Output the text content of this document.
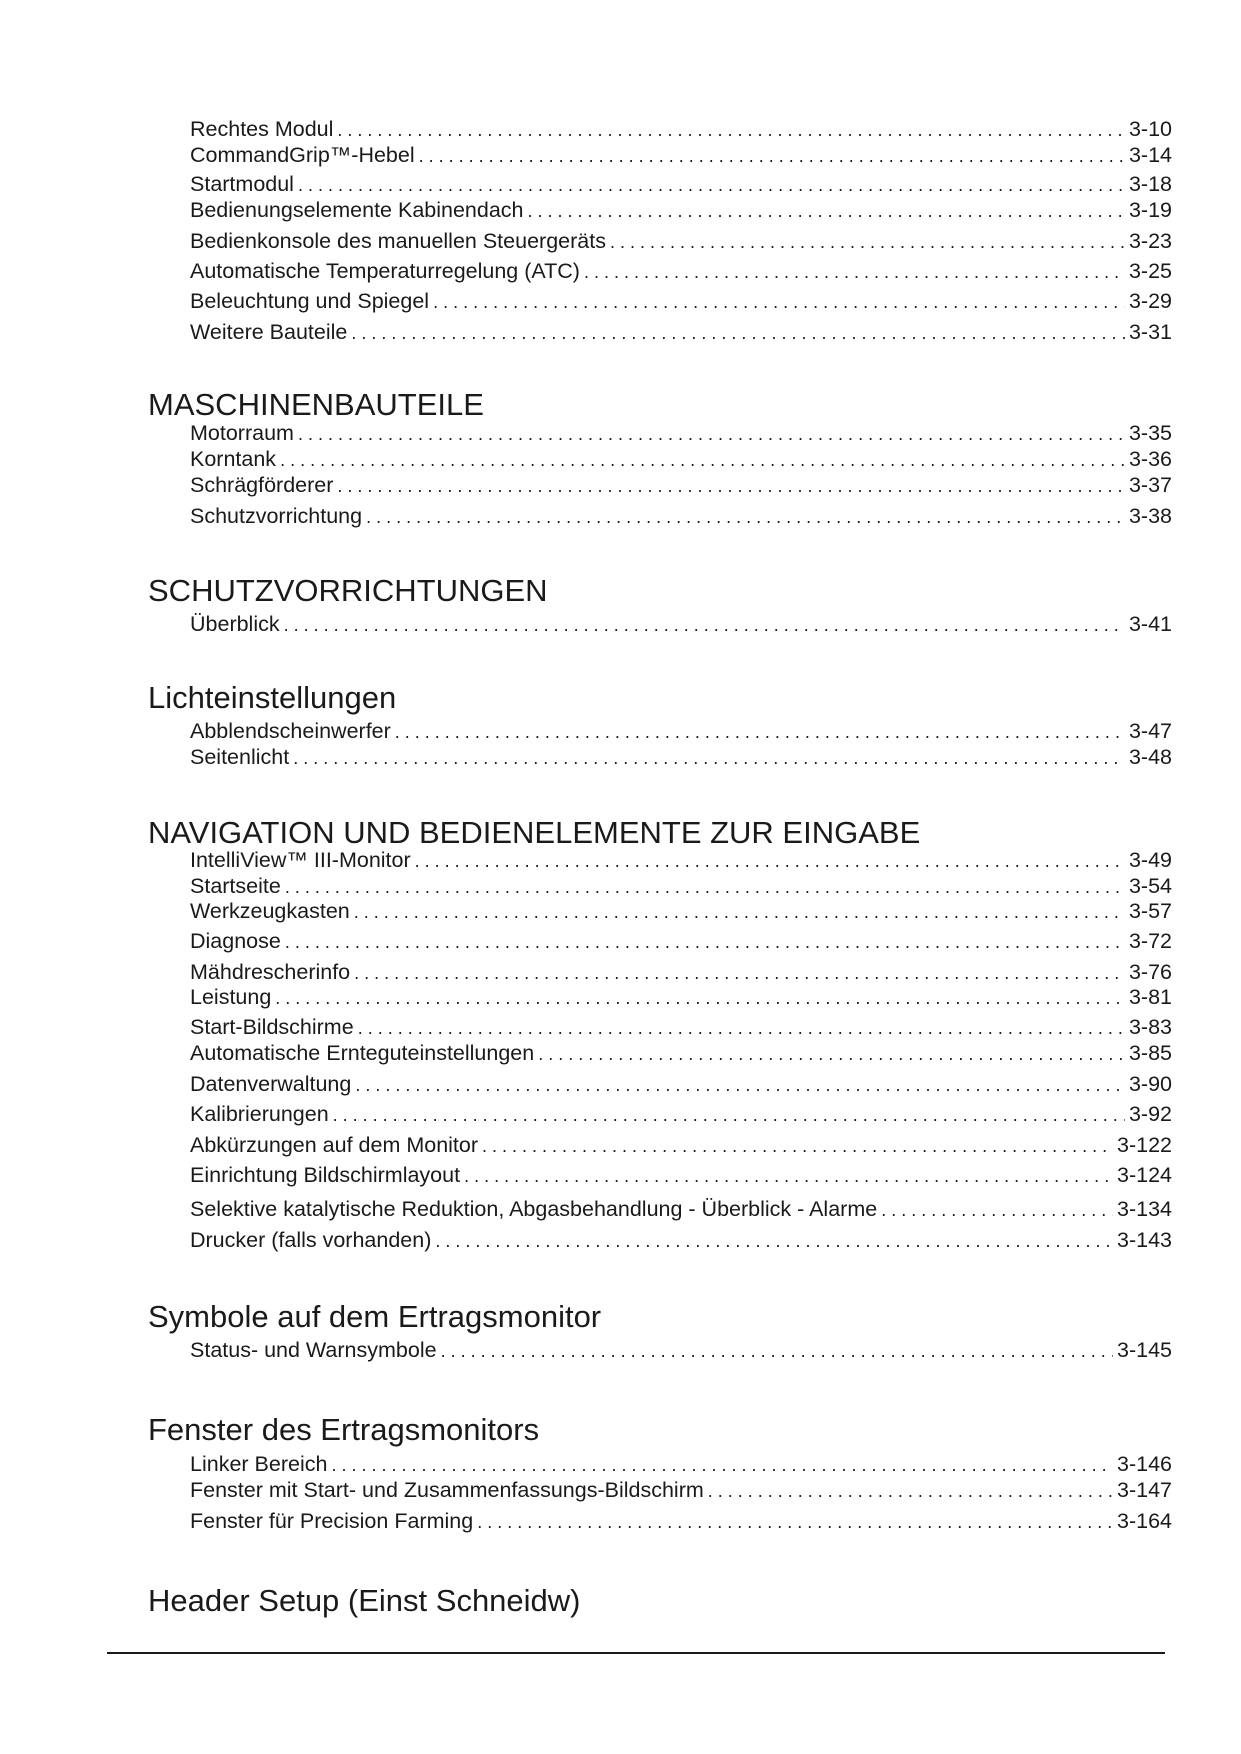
Rechtes Modul . . .	3-10
CommandGrip™-Hebel . . .	3-14
Startmodul . . .	3-18
Bedienungselemente Kabinendach . . .	3-19
Bedienkonsole des manuellen Steuergeräts . . .	3-23
Automatische Temperaturregelung (ATC) . . .	3-25
Beleuchtung und Spiegel . . .	3-29
Weitere Bauteile . . .	3-31
MASCHINENBAUTEILE
Motorraum . . .	3-35
Korntank . . .	3-36
Schrägförderer . . .	3-37
Schutzvorrichtung . . .	3-38
SCHUTZVORRICHTUNGEN
Überblick . . .	3-41
Lichteinstellungen
Abblendscheinwerfer . . .	3-47
Seitenlicht . . .	3-48
NAVIGATION UND BEDIENELEMENTE ZUR EINGABE
IntelliView™ III-Monitor . . .	3-49
Startseite . . .	3-54
Werkzeugkasten . . .	3-57
Diagnose . . .	3-72
Mähdrescherinfo . . .	3-76
Leistung . . .	3-81
Start-Bildschirme . . .	3-83
Automatische Ernteguteinstellungen . . .	3-85
Datenverwaltung . . .	3-90
Kalibrierungen . . .	3-92
Abkürzungen auf dem Monitor . . .	3-122
Einrichtung Bildschirmlayout . . .	3-124
Selektive katalytische Reduktion, Abgasbehandlung - Überblick - Alarme . . .	3-134
Drucker (falls vorhanden) . . .	3-143
Symbole auf dem Ertragsmonitor
Status- und Warnsymbole . . .	3-145
Fenster des Ertragsmonitors
Linker Bereich . . .	3-146
Fenster mit Start- und Zusammenfassungs-Bildschirm . . .	3-147
Fenster für Precision Farming . . .	3-164
Header Setup (Einst Schneidw)
